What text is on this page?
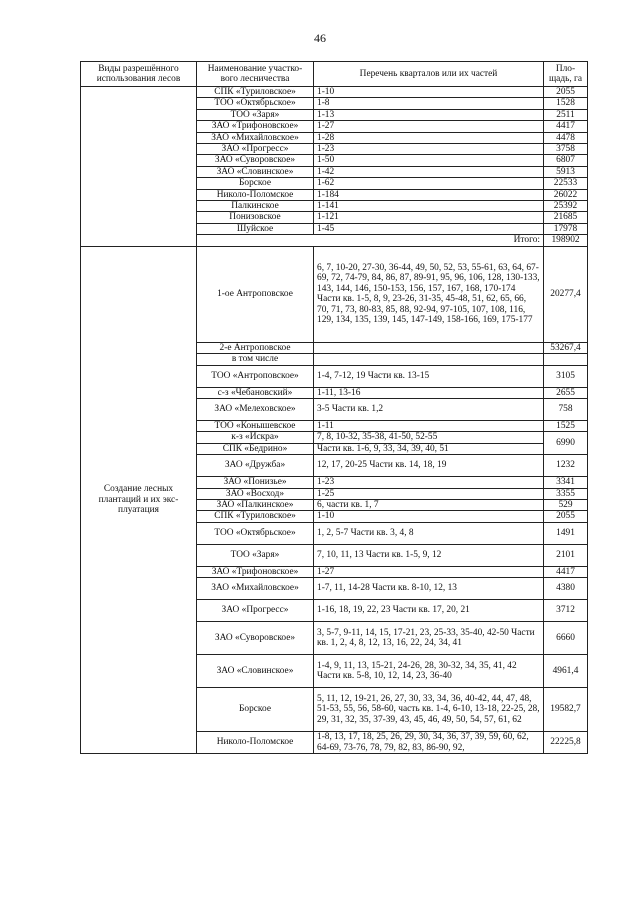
46
Виды разрешённого использования лесов	Наименование участко-вого лесничества	Перечень кварталов или их частей	Пло-щадь, га
	СПК «Туриловское»	1-10	2055
	ТОО «Октябрьское»	1-8	1528
	ТОО «Заря»	1-13	2511
	ЗАО «Трифоновское»	1-27	4417
	ЗАО «Михайловское»	1-28	4478
	ЗАО «Прогресс»	1-23	3758
	ЗАО «Суворовское»	1-50	6807
	ЗАО «Словинское»	1-42	5913
	Борское	1-62	22533
	Николо-Поломское	1-184	26022
	Палкинское	1-141	25392
	Понизовское	1-121	21685
	Шуйское	1-45	17978
	Итого:		198902
Создание лесных плантаций и их экс-плуатация	1-ое Антроповское	6, 7, 10-20, 27-30, 36-44, 49, 50, 52, 53, 55-61, 63, 64, 67-69, 72, 74-79, 84, 86, 87, 89-91, 95, 96, 106, 128, 130-133, 143, 144, 146, 150-153, 156, 157, 167, 168, 170-174 Части кв. 1-5, 8, 9, 23-26, 31-35, 45-48, 51, 62, 65, 66, 70, 71, 73, 80-83, 85, 88, 92-94, 97-105, 107, 108, 116, 129, 134, 135, 139, 145, 147-149, 158-166, 169, 175-177	20277,4
	2-е Антроповское		53267,4
	в том числе		
	ТОО «Антроповское»	1-4, 7-12, 19 Части кв. 13-15	3105
	с-з «Чебановский»	1-11, 13-16	2655
	ЗАО «Мелеховское»	3-5 Части кв. 1,2	758
	ТОО «Конышевское	1-11	1525
	к-з «Искра»	7, 8, 10-32, 35-38, 41-50, 52-55	6990
	СПК «Бедрино»	Части кв. 1-6, 9, 33, 34, 39, 40, 51	
	ЗАО «Дружба»	12, 17, 20-25 Части кв. 14, 18, 19	1232
	ЗАО «Понизье»	1-23	3341
	ЗАО «Восход»	1-25	3355
	ЗАО «Палкинское»	6, части кв. 1, 7	529
	СПК «Туриловское»	1-10	2055
	ТОО «Октябрьское»	1, 2, 5-7 Части кв. 3, 4, 8	1491
	ТОО «Заря»	7, 10, 11, 13 Части кв. 1-5, 9, 12	2101
	ЗАО «Трифоновское»	1-27	4417
	ЗАО «Михайловское»	1-7, 11, 14-28 Части кв. 8-10, 12, 13	4380
	ЗАО «Прогресс»	1-16, 18, 19, 22, 23 Части кв. 17, 20, 21	3712
	ЗАО «Суворовское»	3, 5-7, 9-11, 14, 15, 17-21, 23, 25-33, 35-40, 42-50 Части кв. 1, 2, 4, 8, 12, 13, 16, 22, 24, 34, 41	6660
	ЗАО «Словинское»	1-4, 9, 11, 13, 15-21, 24-26, 28, 30-32, 34, 35, 41, 42 Части кв. 5-8, 10, 12, 14, 23, 36-40	4961,4
	Борское	5, 11, 12, 19-21, 26, 27, 30, 33, 34, 36, 40-42, 44, 47, 48, 51-53, 55, 56, 58-60, часть кв. 1-4, 6-10, 13-18, 22-25, 28, 29, 31, 32, 35, 37-39, 43, 45, 46, 49, 50, 54, 57, 61, 62	19582,7
	Николо-Поломское	1-8, 13, 17, 18, 25, 26, 29, 30, 34, 36, 37, 39, 59, 60, 62, 64-69, 73-76, 78, 79, 82, 83, 86-90, 92,	22225,8
